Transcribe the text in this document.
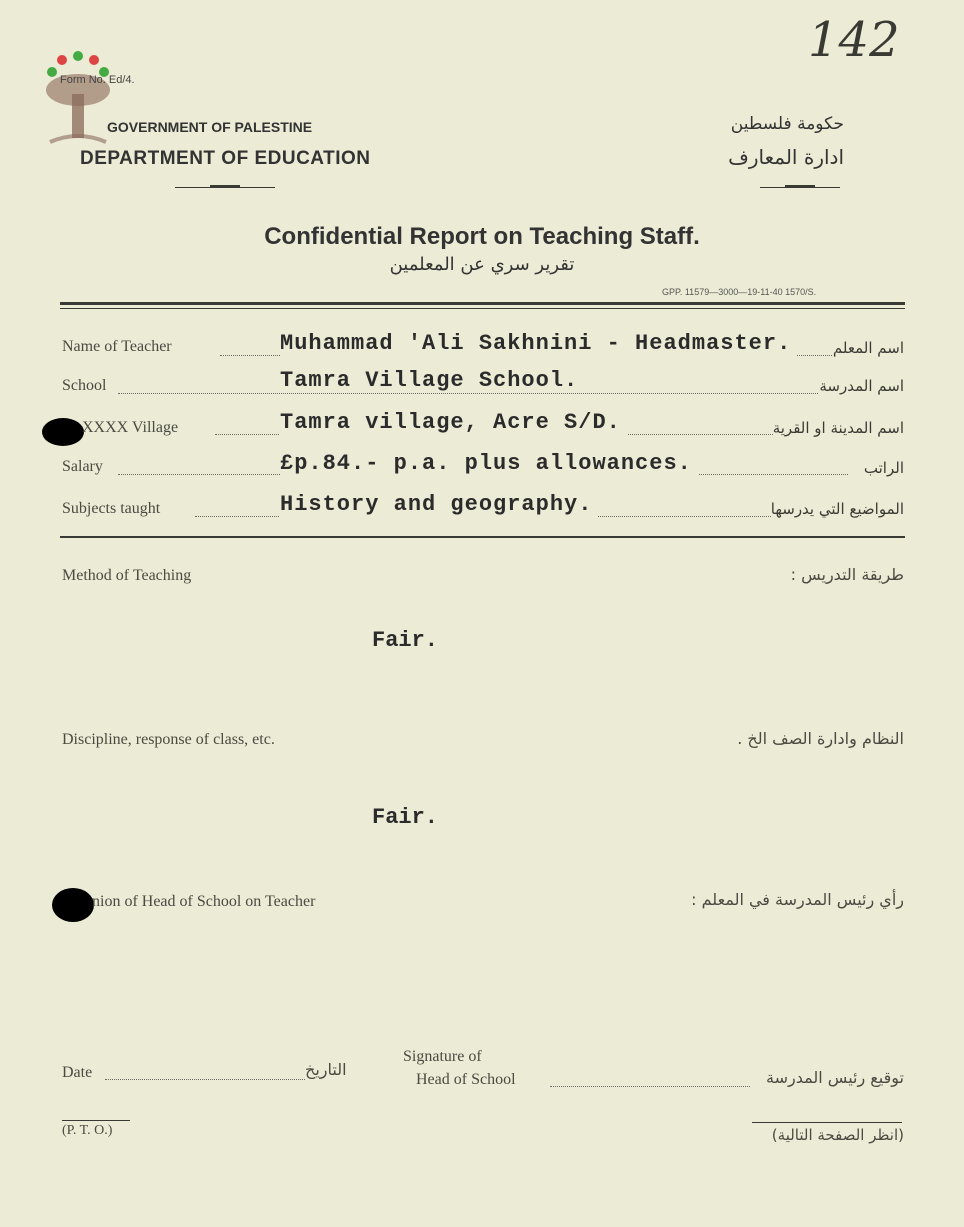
142
Form No. Ed/4.
GOVERNMENT OF PALESTINE
DEPARTMENT OF EDUCATION
حكومة فلسطين
ادارة المعارف
Confidential Report on Teaching Staff.
تقرير سري عن المعلمين
GPP. 11579—3000—19-11-40 1570/S.
Name of Teacher	Muhammad 'Ali Sakhnini - Headmaster.	اسم المعلم
School	Tamra Village School.	اسم المدرسة
XXXX Village	Tamra village, Acre S/D.	اسم المدينة او القرية
Salary	£p.84.- p.a. plus allowances.	الراتب
Subjects taught	History and geography.	المواضيع التي يدرسها
Method of Teaching	طريقة التدريس :
Fair.
Discipline, response of class, etc.	النظام وادارة الصف الخ .
Fair.
nion of Head of School on Teacher	رأي رئيس المدرسة في المعلم :
Date	التاريخ
Signature of
Head of School	توقيع رئيس المدرسة
(P. T. O.)	(انظر الصفحة التالية)
